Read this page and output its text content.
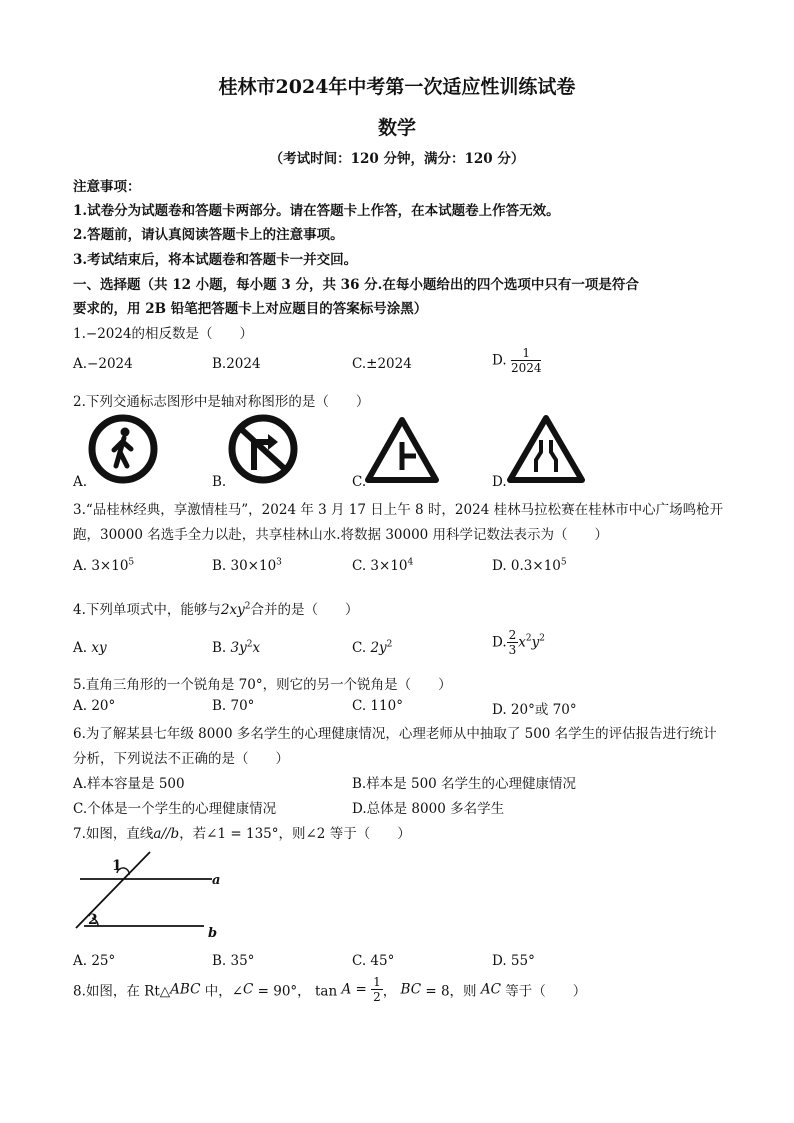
桂林市2024年中考第一次适应性训练试卷
数学
（考试时间：120 分钟，满分：120 分）
注意事项：
1.试卷分为试题卷和答题卡两部分。请在答题卡上作答，在本试题卷上作答无效。
2.答题前，请认真阅读答题卡上的注意事项。
3.考试结束后，将本试题卷和答题卡一并交回。
一、选择题（共 12 小题，每小题 3 分，共 36 分.在每小题给出的四个选项中只有一项是符合
要求的，用 2B 铅笔把答题卡上对应题目的答案标号涂黑）
1.−2024的相反数是（　　）
A.−2024	B.2024	C.±2024	D. $\frac{1}{2024}$
2.下列交通标志图形中是轴对称图形的是（　　）
A.	B.	C.	D.
3.“品桂林经典，享激情桂马”，2024 年 3 月 17 日上午 8 时，2024 桂林马拉松赛在桂林市中心广场鸣枪开
跑，30000 名选手全力以赴，共享桂林山水.将数据 30000 用科学记数法表示为（　　）
A. $3\times 10^5$	B. $30\times 10^3$	C. $3\times 10^4$	D. $0.3\times 10^5$
4.下列单项式中，能够与$2xy^2$合并的是（　　）
A. xy	B. $3y^2x$	C. $2y^2$	D. $\frac{2}{3} x^2y^2$
5.直角三角形的一个锐角是 70°，则它的另一个锐角是（　　）
A. 20°	B. 70°	C. 110°	D. 20°或 70°
6.为了解某县七年级 8000 多名学生的心理健康情况，心理老师从中抽取了 500 名学生的评估报告进行统计
分析，下列说法不正确的是（　　）
A.样本容量是 500	B.样本是 500 名学生的心理健康情况
C.个体是一个学生的心理健康情况	D.总体是 8000 多名学生
7.如图，直线a//b，若∠1 = 135°，则∠2 等于（　　）
1
2
a
b
A. 25°	B. 35°	C. 45°	D. 55°
8.如图，在 Rt△ABC 中，∠C = 90°， $\tan A = \frac{1}{2}$ ， BC = 8，则 AC 等于（　　）
